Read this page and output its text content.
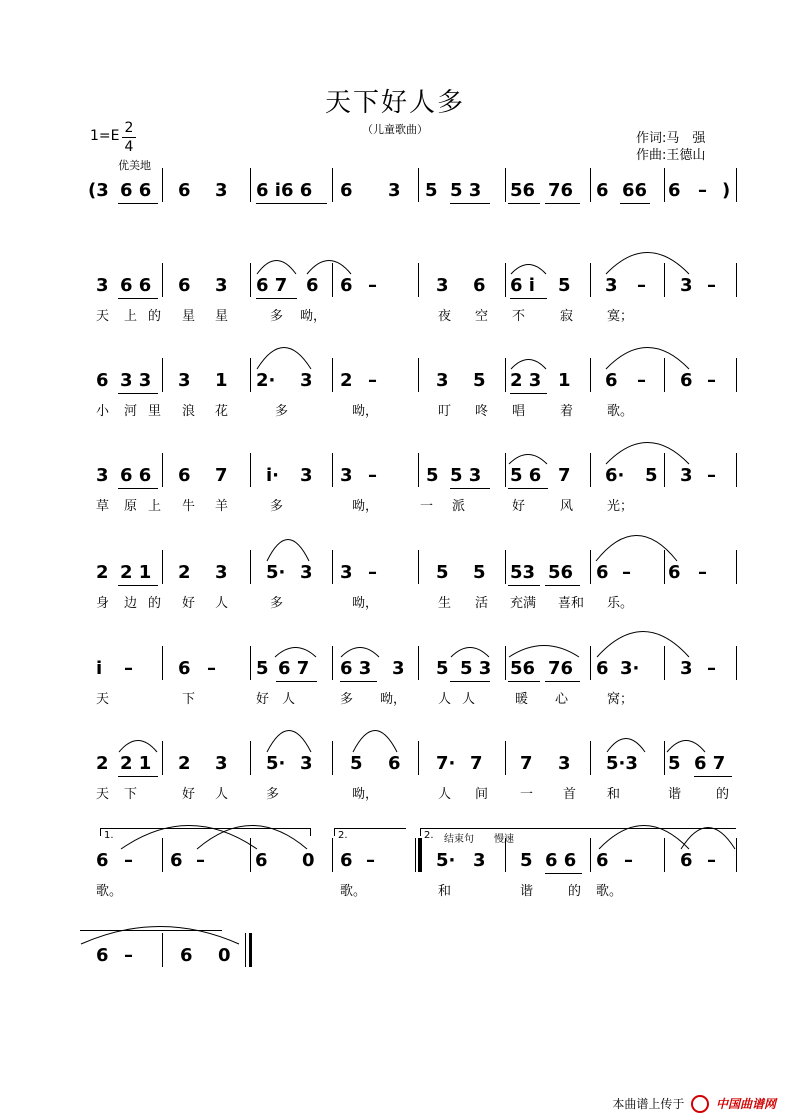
天下好人多
（儿童歌曲）
1=E 2
4
优美地
作词:马　强
作曲:王德山
(3 6 6 6 3 6 i6 6 6 3 5 5 3 56 76 6 66 6 – )
3 6 6 6 3 6 7 6 6 –	3 6 6 i 5 3 – 3 –
天 上 的 星 星	多 呦，	夜 空 不	寂	寞；
6 3 3 3 1 2· 3 2 –	3 5 2 3 1 6 – 6 –
小 河 里 浪 花	多	呦，	叮 咚 唱	着	歌。
3 6 6 6 7 i· 3 3 –	5 5 3 5 6 7 6· 5 3 –
草 原 上 牛 羊	多	呦，	一 派	好	风	光；
2 2 1 2 3 5· 3 3 –	5 5 53 56 6 – 6 –
身 边 的 好 人	多	呦，	生 活 充满 喜和 乐。
i –	6 – 5 6 7 6 3 3 5 5 3 56 76 6 3· 3 –
天	下	好 人	多 呦， 人 人	暖 心	窝；
2 2 1 2 3 5· 3 5 6 7· 7 7 3 5·3 5 6 7
天 下	好 人	多	呦，	人 间 一 首 和	谐	的
6 – 6 –	6 0 6 –	5· 3 5 6 6 6 –	6 –
歌。	歌。	和	谐	的 歌。
6 –	6 0
1.	2.	2. 结束句　　慢速
本曲谱上传于	中国曲谱网
